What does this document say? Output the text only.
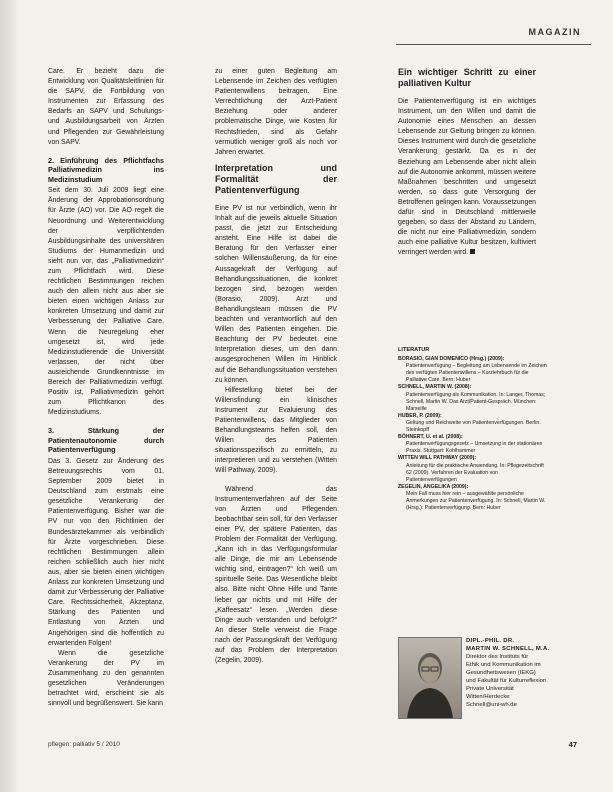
MAGAZIN

Care. Er bezieht dazu die Entwicklung von Qualitätsleitlinien für die SAPV, die Fortbildung von Instrumenten zur Erfassung des Bedarfs an SAPV und Schulungs- und Ausbildungsarbeit von Ärzten und Pflegenden zur Gewährleistung von SAPV.

2. Einführung des Pflichtfachs Palliativmedizin ins Medizinstudium

Seit dem 30. Juli 2009 liegt eine Änderung der Approbationsordnung für Ärzte (AO) vor. Die AO regelt die Neuordnung und Weiterentwicklung der verpflichtenden Ausbildungsinhalte des universitären Studiums der Humanmedizin und sieht nun vor, das „Palliativmedizin“ zum Pflichtfach wird. Diese rechtlichen Bestimmungen reichen auch den allein nicht aus aber sie bieten einen wichtigen Anlass zur konkreten Umsetzung und damit zur Verbesserung der Palliative Care. Wenn die Neuregelung eher umgesetzt ist, wird jede Medizinstudierende die Universität verlassen, der nicht über ausreichende Grundkenntnisse im Bereich der Palliativmedizin verfügt. Positiv ist, Palliativmedizin gehört zum Pflichtkanon des Medizinstudiums.

3. Stärkung der Patientenautonomie durch Patientenverfügung

Das 3. Gesetz zur Änderung des Betreuungsrechts vom 01. September 2009 bietet in Deutschland zum erstmals eine gesetzliche Verankerung der Patientenverfügung. Bisher war die PV nur von den Richtlinien der Bundesärztekammer als verbindlich für Ärzte vorgeschrieben. Diese rechtlichen Bestimmungen allein reichen schließlich auch hier nicht aus, aber sie bieten einen wichtigen Anlass zur konkreten Umsetzung und damit zur Verbesserung der Palliative Care. Rechtssicherheit, Akzeptanz, Stärkung des Patienten und Entlastung von Ärzten und Angehörigen sind die hoffentlich zu erwartenden Folgen!

Wenn die gesetzliche Verankerung der PV im Zusammenhang zu den genannten gesetzlichen Veränderungen betrachtet wird, erscheint sie als sinnvoll und begrüßenswert. Sie kann

zu einer guten Begleitung am Lebensende im Zeichen des verfügten Patientenwillens beitragen. Eine Verrechtlichung der Arzt-Patient Beziehung oder anderer problematische Dinge, wie Kosten für Rechtsfrieden, sind als Gefahr vermutlich weniger groß als noch vor Jahren erwartet.

Interpretation und Formalität der Patientenverfügung

Eine PV ist nur verbindlich, wenn ihr Inhalt auf die jeweils aktuelle Situation passt, die jetzt zur Entscheidung ansteht. Eine Hilfe ist dabei die Beratung für den Verfasser einer solchen Willensäußerung, da für eine Aussagekraft der Verfügung auf Behandlungssituationen, die konkret bezogen sind, bezogen werden (Borasio, 2009). Arzt und Behandlungsteam müssen die PV beachten und verantwortlich auf den Willen des Patienten eingehen. Die Beachtung der PV bedeutet eine Interpretation dieses, um den dann ausgesprochenen Willen im Hinblick auf die Behandlungssituation verstehen zu können.

Hilfestellung bietet bei der Willensfindung: ein klinisches Instrument zur Evaluierung des Patientenwillens, das Mitglieder von Behandlungsteams helfen soll, den Willen des Patienten situationsspezifisch zu ermitteln, zu interpretieren und zu verstehen (Witten Will Pathway, 2009).

Während das Instrumentenverfahren auf der Seite von Ärzten und Pflegenden beobachtbar sein soll, für den Verfasser einer PV, der spätere Patienten, das Problem der Formalität der Verfügung. „Kann ich in das Verfügungsformular alle Dinge, die mir am Lebensende wichtig sind, eintragen?“ Ich weiß um spirituelle Seite. Das Wesentliche bleibt also. Bitte nicht Ohne Hilfe und Tante lieber gar nichts und mit Hilfe der „Kaffeesatz“ lesen. „Werden diese Dinge auch verstanden und befolgt?“ An dieser Stelle verweist die Frage nach der Passungskraft der Verfügung auf das Problem der Interpretation (Zegelin, 2009).

Ein wichtiger Schritt zu einer palliativen Kultur

Die Patientenverfügung ist ein wichtiges Instrument, um den Willen und damit die Autonomie eines Menschen an dessen Lebensende zur Geltung bringen zu können. Dieses Instrument wird durch die gesetzliche Verankerung gestärkt. Da es in der Beziehung am Lebensende aber nicht allein auf die Autonomie ankommt, müssen weitere Maßnahmen beschritten und umgesetzt werden, so dass gute Versorgung der Betroffenen gelingen kann. Voraussetzungen dafür sind in Deutschland mittlerweile gegeben, so dass der Abstand zu Ländern, die nicht nur eine Palliativmedizin, sondern auch eine palliative Kultur besitzen, kultiviert verringert werden wird.

LITERATUR
BORASIO, GIAN DOMENICO (Hrsg.) (2009):
Patientenverfügung – Begleitung am Lebensende im Zeichen des verfügten Patientenwillens – Kurzlehrbuch für die Palliative Care. Bern: Huber
SCHNELL, MARTIN W. (2008):
Patientenverfügung als Kommunikation. In: Langer, Thomas; Schnell, Martin W. Das Arzt/Patient-Gespräch. München: Marseille
HUBER, P. (2009):
Geltung und Reichweite von Patientenverfügungen. Berlin: Steinkopff
BÖHNERT, U. et al. (2008):
Patientenverfügungsgesetz – Umsetzung in der stationären Praxis. Stuttgart: Kohlhammer
WITTEN WILL PATHWAY (2009):
Anleitung für die praktische Anwendung. In: Pflegezeitschrift 62 (2009). Verfahren der Evaluation von Patientenverfügungen
ZEGELIN, ANGELIKA (2009):
Mein Fall muss hier rein – ausgewählte persönliche Anmerkungen zur Patientenverfügung. In: Schnell, Martin W. (Hrsg.): Patientenverfügung. Bern: Huber
DIPL.-PHIL. DR.
MARTIN W. SCHNELL, M.A.
Direktor des Instituts für
Ethik und Kommunikation im
Gesundheitswesen (IEKG)
und Fakultät für Kulturreflexion
Private Universität
Witten/Herdecke
Schnell@uni-wh.de
pflegen: palliativ 5 / 2010	47
